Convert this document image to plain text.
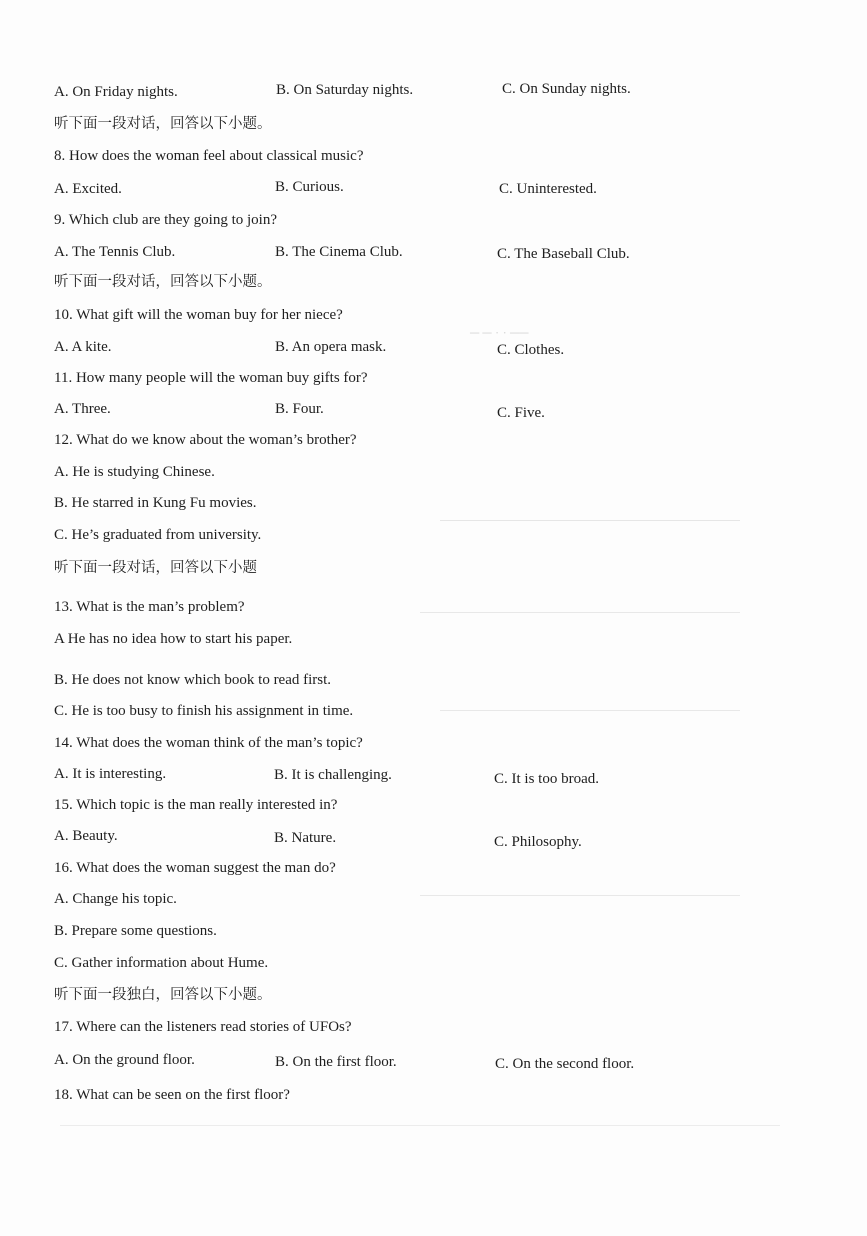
── · · ─ ─
A. On Friday nights.	B. On Saturday nights.	C. On Sunday nights.
听下面一段对话，回答以下小题。
8. How does the woman feel about classical music?
A. Excited.	B. Curious.	C. Uninterested.
9. Which club are they going to join?
A. The Tennis Club.	B. The Cinema Club.	C. The Baseball Club.
听下面一段对话，回答以下小题。
10. What gift will the woman buy for her niece?
A. A kite.	B. An opera mask.	C. Clothes.
11. How many people will the woman buy gifts for?
A. Three.	B. Four.	C. Five.
12. What do we know about the woman’s brother?
A. He is studying Chinese.
B. He starred in Kung Fu movies.
C. He’s graduated from university.
听下面一段对话，回答以下小题
13. What is the man’s problem?
A He has no idea how to start his paper.
B. He does not know which book to read first.
C. He is too busy to finish his assignment in time.
14. What does the woman think of the man’s topic?
A. It is interesting.	B. It is challenging.	C. It is too broad.
15. Which topic is the man really interested in?
A. Beauty.	B. Nature.	C. Philosophy.
16. What does the woman suggest the man do?
A. Change his topic.
B. Prepare some questions.
C. Gather information about Hume.
听下面一段独白，回答以下小题。
17. Where can the listeners read stories of UFOs?
A. On the ground floor.	B. On the first floor.	C. On the second floor.
18. What can be seen on the first floor?
